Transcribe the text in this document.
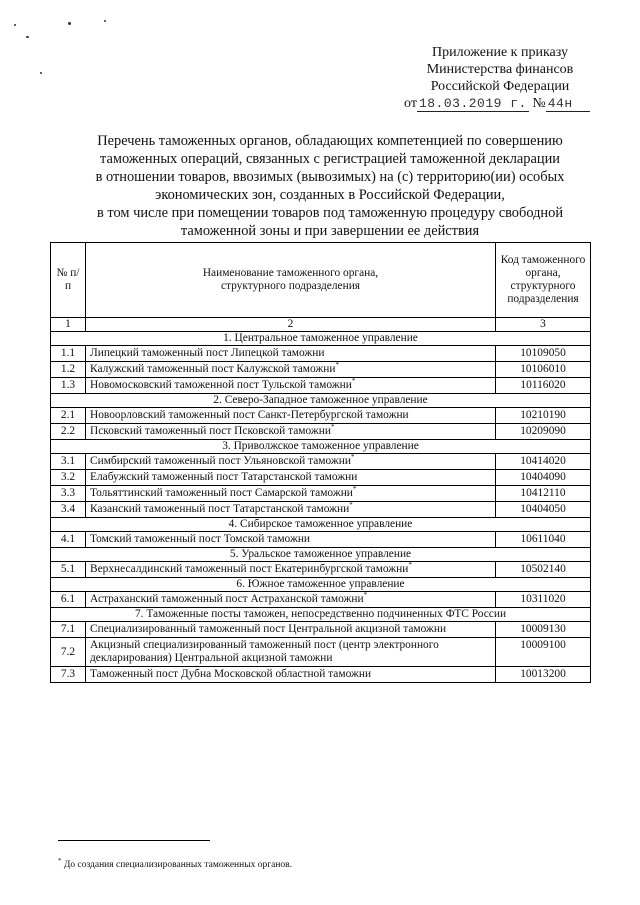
Приложение к приказу
Министерства финансов
Российской Федерации
от 18.03.2019 г. № 44н
Перечень таможенных органов, обладающих компетенцией по совершению
таможенных операций, связанных с регистрацией таможенной декларации
в отношении товаров, ввозимых (вывозимых) на (с) территорию(ии) особых
экономических зон, созданных в Российской Федерации,
в том числе при помещении товаров под таможенную процедуру свободной
таможенной зоны и при завершении ее действия
№ п/п	Наименование таможенного органа, структурного подразделения	Код таможенного органа, структурного подразделения
1	2	3
1. Центральное таможенное управление		
1.1	Липецкий таможенный пост Липецкой таможни	10109050
1.2	Калужский таможенный пост Калужской таможни*	10106010
1.3	Новомосковский таможенной пост Тульской таможни*	10116020
2. Северо-Западное таможенное управление		
2.1	Новоорловский таможенный пост Санкт-Петербургской таможни	10210190
2.2	Псковский таможенный пост Псковской таможни*	10209090
3. Приволжское таможенное управление		
3.1	Симбирский таможенный пост Ульяновской таможни*	10414020
3.2	Елабужский таможенный пост Татарстанской таможни	10404090
3.3	Тольяттинский таможенный пост Самарской таможни*	10412110
3.4	Казанский таможенный пост Татарстанской таможни*	10404050
4. Сибирское таможенное управление		
4.1	Томский таможенный пост Томской таможни	10611040
5. Уральское таможенное управление		
5.1	Верхнесалдинский таможенный пост Екатеринбургской таможни*	10502140
6. Южное таможенное управление		
6.1	Астраханский таможенный пост Астраханской таможни*	10311020
7. Таможенные посты таможен, непосредственно подчиненных ФТС России		
7.1	Специализированный таможенный пост Центральной акцизной таможни	10009130
7.2	Акцизный специализированный таможенный пост (центр электронного декларирования) Центральной акцизной таможни	10009100
7.3	Таможенный пост Дубна Московской областной таможни	10013200
* До создания специализированных таможенных органов.
